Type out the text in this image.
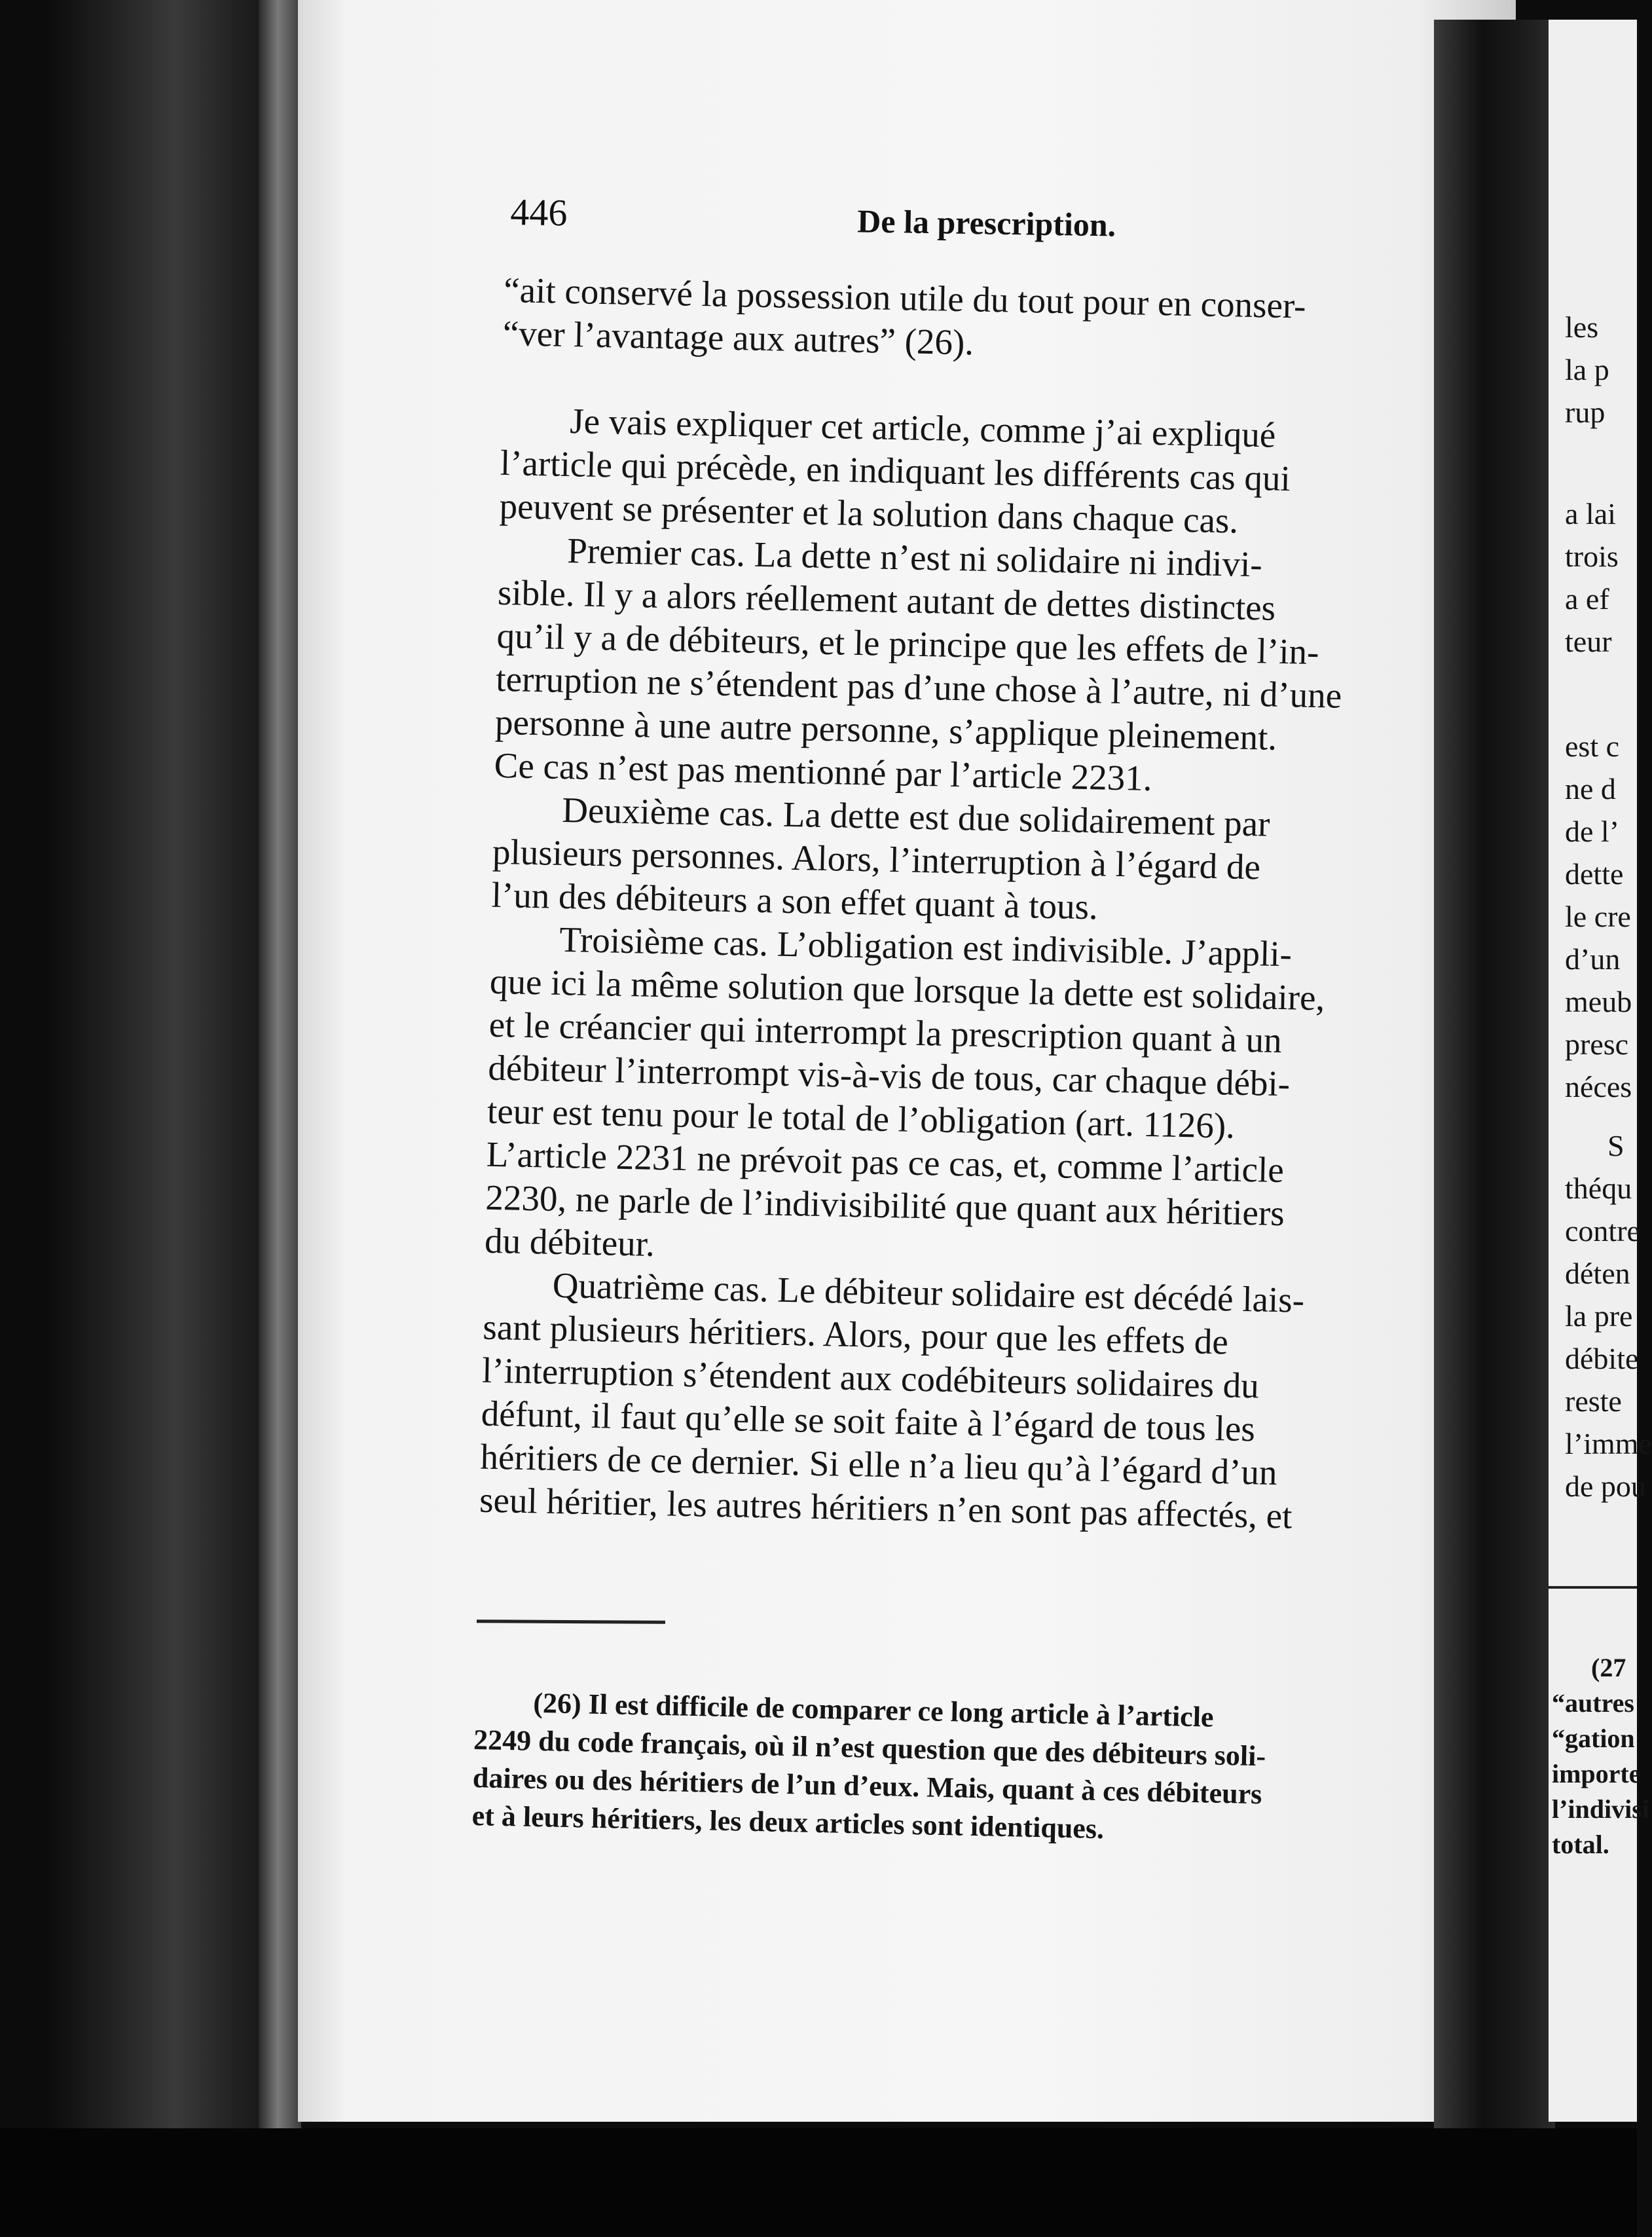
446	De la prescription.
“ait conservé la possession utile du tout pour en conser-
“ver l’avantage aux autres” (26).
Je vais expliquer cet article, comme j’ai expliqué
l’article qui précède, en indiquant les différents cas qui
peuvent se présenter et la solution dans chaque cas.
Premier cas. La dette n’est ni solidaire ni indivi-
sible. Il y a alors réellement autant de dettes distinctes
qu’il y a de débiteurs, et le principe que les effets de l’in-
terruption ne s’étendent pas d’une chose à l’autre, ni d’une
personne à une autre personne, s’applique pleinement.
Ce cas n’est pas mentionné par l’article 2231.
Deuxième cas. La dette est due solidairement par
plusieurs personnes. Alors, l’interruption à l’égard de
l’un des débiteurs a son effet quant à tous.
Troisième cas. L’obligation est indivisible. J’appli-
que ici la même solution que lorsque la dette est solidaire,
et le créancier qui interrompt la prescription quant à un
débiteur l’interrompt vis-à-vis de tous, car chaque débi-
teur est tenu pour le total de l’obligation (art. 1126).
L’article 2231 ne prévoit pas ce cas, et, comme l’article
2230, ne parle de l’indivisibilité que quant aux héritiers
du débiteur.
Quatrième cas. Le débiteur solidaire est décédé lais-
sant plusieurs héritiers. Alors, pour que les effets de
l’interruption s’étendent aux codébiteurs solidaires du
défunt, il faut qu’elle se soit faite à l’égard de tous les
héritiers de ce dernier. Si elle n’a lieu qu’à l’égard d’un
seul héritier, les autres héritiers n’en sont pas affectés, et
(26) Il est difficile de comparer ce long article à l’article
2249 du code français, où il n’est question que des débiteurs soli-
daires ou des héritiers de l’un d’eux. Mais, quant à ces débiteurs
et à leurs héritiers, les deux articles sont identiques.
les
la p
rup
a lai
trois
a ef
teur
est c
ne d
de l’
dette
le cre
d’un
meub
presc
néces
S
théqu
contre
déten
la pre
débite
reste
l’imme
de pou
(27
“autres
“gation
importe
l’indivisi
total.
